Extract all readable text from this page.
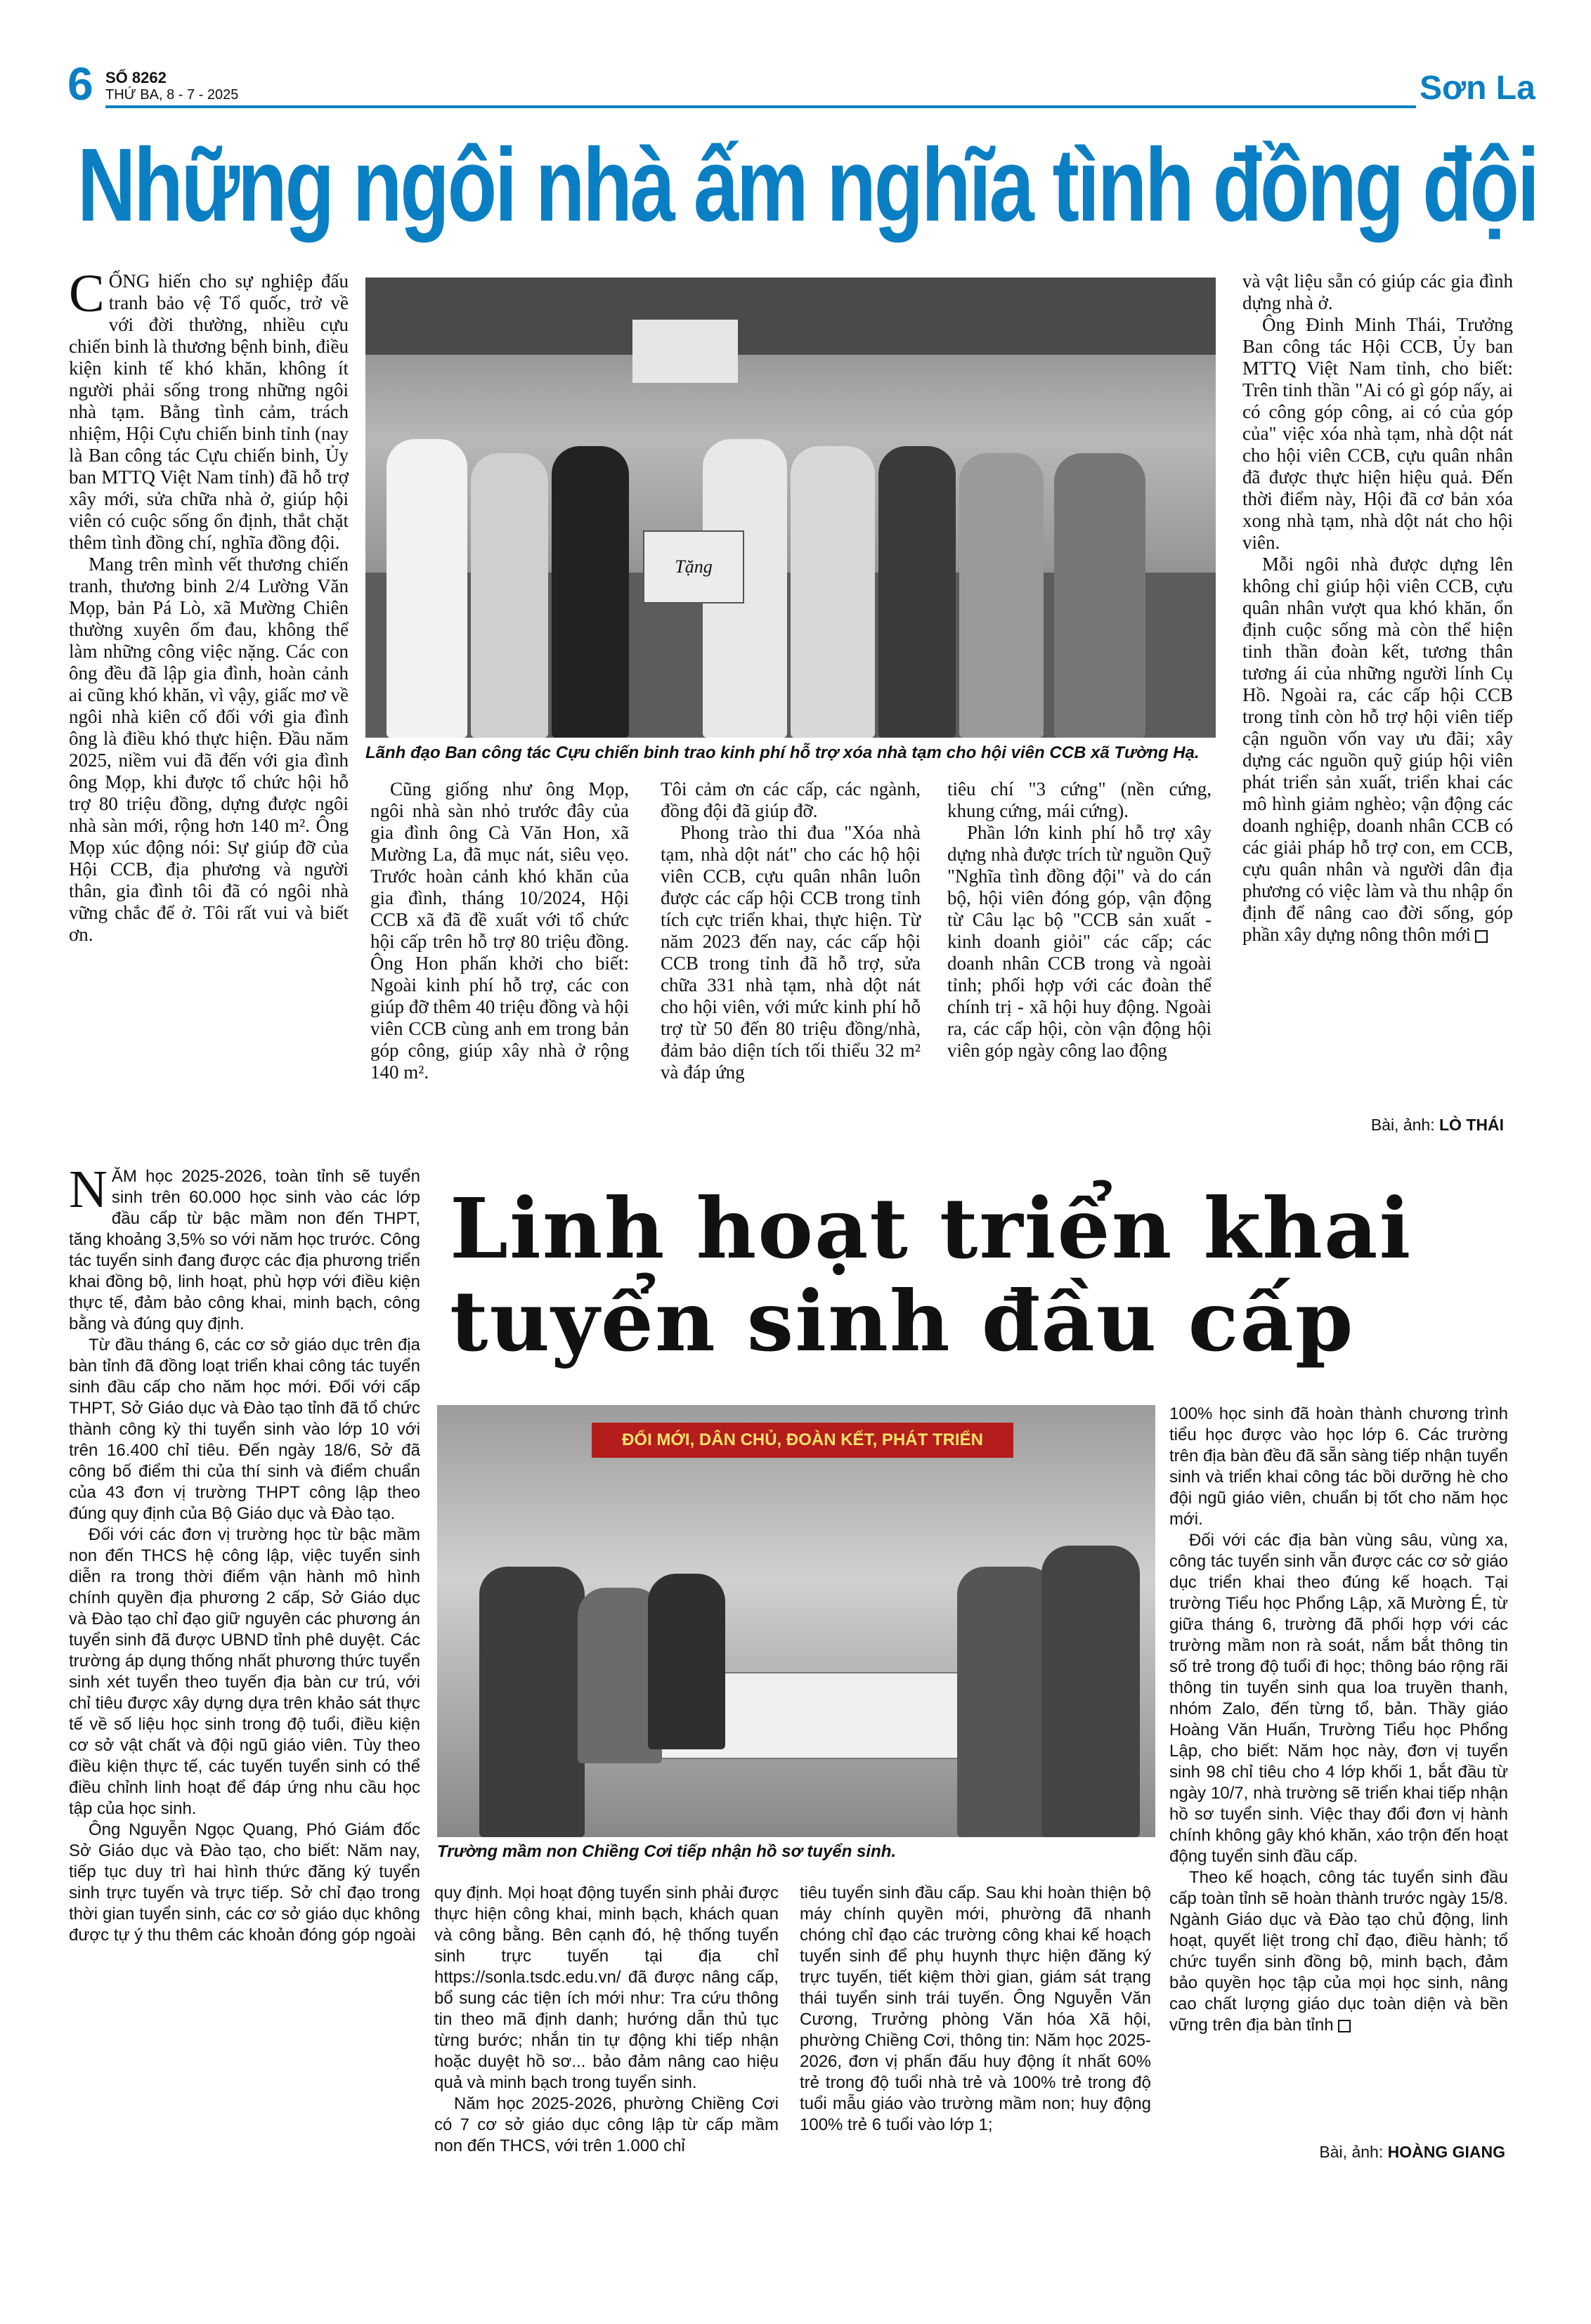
6 SỐ 8262
THỨ BA, 8 - 7 - 2025	Sơn La
Những ngôi nhà ấm nghĩa tình đồng đội

CỐNG hiến cho sự nghiệp đấu tranh bảo vệ Tổ quốc, trở về với đời thường, nhiều cựu chiến binh là thương bệnh binh, điều kiện kinh tế khó khăn, không ít người phải sống trong những ngôi nhà tạm. Bằng tình cảm, trách nhiệm, Hội Cựu chiến binh tỉnh (nay là Ban công tác Cựu chiến binh, Ủy ban MTTQ Việt Nam tỉnh) đã hỗ trợ xây mới, sửa chữa nhà ở, giúp hội viên có cuộc sống ổn định, thắt chặt thêm tình đồng chí, nghĩa đồng đội.

Mang trên mình vết thương chiến tranh, thương binh 2/4 Lường Văn Mọp, bản Pá Lò, xã Mường Chiên thường xuyên ốm đau, không thể làm những công việc nặng. Các con ông đều đã lập gia đình, hoàn cảnh ai cũng khó khăn, vì vậy, giấc mơ về ngôi nhà kiên cố đối với gia đình ông là điều khó thực hiện. Đầu năm 2025, niềm vui đã đến với gia đình ông Mọp, khi được tổ chức hội hỗ trợ 80 triệu đồng, dựng được ngôi nhà sàn mới, rộng hơn 140 m². Ông Mọp xúc động nói: Sự giúp đỡ của Hội CCB, địa phương và người thân, gia đình tôi đã có ngôi nhà vững chắc để ở. Tôi rất vui và biết ơn.

Tặng
Lãnh đạo Ban công tác Cựu chiến binh trao kinh phí hỗ trợ xóa nhà tạm cho hội viên CCB xã Tường Hạ.

Cũng giống như ông Mọp, ngôi nhà sàn nhỏ trước đây của gia đình ông Cà Văn Hon, xã Mường La, đã mục nát, siêu vẹo. Trước hoàn cảnh khó khăn của gia đình, tháng 10/2024, Hội CCB xã đã đề xuất với tổ chức hội cấp trên hỗ trợ 80 triệu đồng. Ông Hon phấn khởi cho biết: Ngoài kinh phí hỗ trợ, các con giúp đỡ thêm 40 triệu đồng và hội viên CCB cùng anh em trong bản góp công, giúp xây nhà ở rộng 140 m².

Tôi cảm ơn các cấp, các ngành, đồng đội đã giúp đỡ.

Phong trào thi đua "Xóa nhà tạm, nhà dột nát" cho các hộ hội viên CCB, cựu quân nhân luôn được các cấp hội CCB trong tỉnh tích cực triển khai, thực hiện. Từ năm 2023 đến nay, các cấp hội CCB trong tỉnh đã hỗ trợ, sửa chữa 331 nhà tạm, nhà dột nát cho hội viên, với mức kinh phí hỗ trợ từ 50 đến 80 triệu đồng/nhà, đảm bảo diện tích tối thiểu 32 m² và đáp ứng

tiêu chí "3 cứng" (nền cứng, khung cứng, mái cứng).

Phần lớn kinh phí hỗ trợ xây dựng nhà được trích từ nguồn Quỹ "Nghĩa tình đồng đội" và do cán bộ, hội viên đóng góp, vận động từ Câu lạc bộ "CCB sản xuất - kinh doanh giỏi" các cấp; các doanh nhân CCB trong và ngoài tỉnh; phối hợp với các đoàn thể chính trị - xã hội huy động. Ngoài ra, các cấp hội, còn vận động hội viên góp ngày công lao động

và vật liệu sẵn có giúp các gia đình dựng nhà ở.

Ông Đinh Minh Thái, Trưởng Ban công tác Hội CCB, Ủy ban MTTQ Việt Nam tỉnh, cho biết: Trên tinh thần "Ai có gì góp nấy, ai có công góp công, ai có của góp của" việc xóa nhà tạm, nhà dột nát cho hội viên CCB, cựu quân nhân đã được thực hiện hiệu quả. Đến thời điểm này, Hội đã cơ bản xóa xong nhà tạm, nhà dột nát cho hội viên.

Mỗi ngôi nhà được dựng lên không chỉ giúp hội viên CCB, cựu quân nhân vượt qua khó khăn, ổn định cuộc sống mà còn thể hiện tinh thần đoàn kết, tương thân tương ái của những người lính Cụ Hồ. Ngoài ra, các cấp hội CCB trong tỉnh còn hỗ trợ hội viên tiếp cận nguồn vốn vay ưu đãi; xây dựng các nguồn quỹ giúp hội viên phát triển sản xuất, triển khai các mô hình giảm nghèo; vận động các doanh nghiệp, doanh nhân CCB có các giải pháp hỗ trợ con, em CCB, cựu quân nhân và người dân địa phương có việc làm và thu nhập ổn định để nâng cao đời sống, góp phần xây dựng nông thôn mới

Bài, ảnh: LÒ THÁI

NĂM học 2025-2026, toàn tỉnh sẽ tuyển sinh trên 60.000 học sinh vào các lớp đầu cấp từ bậc mầm non đến THPT, tăng khoảng 3,5% so với năm học trước. Công tác tuyển sinh đang được các địa phương triển khai đồng bộ, linh hoạt, phù hợp với điều kiện thực tế, đảm bảo công khai, minh bạch, công bằng và đúng quy định.

Từ đầu tháng 6, các cơ sở giáo dục trên địa bàn tỉnh đã đồng loạt triển khai công tác tuyển sinh đầu cấp cho năm học mới. Đối với cấp THPT, Sở Giáo dục và Đào tạo tỉnh đã tổ chức thành công kỳ thi tuyển sinh vào lớp 10 với trên 16.400 chỉ tiêu. Đến ngày 18/6, Sở đã công bố điểm thi của thí sinh và điểm chuẩn của 43 đơn vị trường THPT công lập theo đúng quy định của Bộ Giáo dục và Đào tạo.

Đối với các đơn vị trường học từ bậc mầm non đến THCS hệ công lập, việc tuyển sinh diễn ra trong thời điểm vận hành mô hình chính quyền địa phương 2 cấp, Sở Giáo dục và Đào tạo chỉ đạo giữ nguyên các phương án tuyển sinh đã được UBND tỉnh phê duyệt. Các trường áp dụng thống nhất phương thức tuyển sinh xét tuyển theo tuyến địa bàn cư trú, với chỉ tiêu được xây dựng dựa trên khảo sát thực tế về số liệu học sinh trong độ tuổi, điều kiện cơ sở vật chất và đội ngũ giáo viên. Tùy theo điều kiện thực tế, các tuyến tuyển sinh có thể điều chỉnh linh hoạt để đáp ứng nhu cầu học tập của học sinh.

Ông Nguyễn Ngọc Quang, Phó Giám đốc Sở Giáo dục và Đào tạo, cho biết: Năm nay, tiếp tục duy trì hai hình thức đăng ký tuyển sinh trực tuyến và trực tiếp. Sở chỉ đạo trong thời gian tuyển sinh, các cơ sở giáo dục không được tự ý thu thêm các khoản đóng góp ngoài

Linh hoạt triển khai
tuyển sinh đầu cấp
ĐỔI MỚI, DÂN CHỦ, ĐOÀN KẾT, PHÁT TRIỂN
Trường mầm non Chiềng Cơi tiếp nhận hồ sơ tuyển sinh.

quy định. Mọi hoạt động tuyển sinh phải được thực hiện công khai, minh bạch, khách quan và công bằng. Bên cạnh đó, hệ thống tuyển sinh trực tuyến tại địa chỉ https://sonla.tsdc.edu.vn/ đã được nâng cấp, bổ sung các tiện ích mới như: Tra cứu thông tin theo mã định danh; hướng dẫn thủ tục từng bước; nhắn tin tự động khi tiếp nhận hoặc duyệt hồ sơ... bảo đảm nâng cao hiệu quả và minh bạch trong tuyển sinh.

Năm học 2025-2026, phường Chiềng Cơi có 7 cơ sở giáo dục công lập từ cấp mầm non đến THCS, với trên 1.000 chỉ

tiêu tuyển sinh đầu cấp. Sau khi hoàn thiện bộ máy chính quyền mới, phường đã nhanh chóng chỉ đạo các trường công khai kế hoạch tuyển sinh để phụ huynh thực hiện đăng ký trực tuyến, tiết kiệm thời gian, giám sát trạng thái tuyển sinh trái tuyến. Ông Nguyễn Văn Cương, Trưởng phòng Văn hóa Xã hội, phường Chiềng Cơi, thông tin: Năm học 2025-2026, đơn vị phấn đấu huy động ít nhất 60% trẻ trong độ tuổi nhà trẻ và 100% trẻ trong độ tuổi mẫu giáo vào trường mầm non; huy động 100% trẻ 6 tuổi vào lớp 1;

100% học sinh đã hoàn thành chương trình tiểu học được vào học lớp 6. Các trường trên địa bàn đều đã sẵn sàng tiếp nhận tuyển sinh và triển khai công tác bồi dưỡng hè cho đội ngũ giáo viên, chuẩn bị tốt cho năm học mới.

Đối với các địa bàn vùng sâu, vùng xa, công tác tuyển sinh vẫn được các cơ sở giáo dục triển khai theo đúng kế hoạch. Tại trường Tiểu học Phổng Lập, xã Mường É, từ giữa tháng 6, trường đã phối hợp với các trường mầm non rà soát, nắm bắt thông tin số trẻ trong độ tuổi đi học; thông báo rộng rãi thông tin tuyển sinh qua loa truyền thanh, nhóm Zalo, đến từng tổ, bản. Thầy giáo Hoàng Văn Huấn, Trường Tiểu học Phổng Lập, cho biết: Năm học này, đơn vị tuyển sinh 98 chỉ tiêu cho 4 lớp khối 1, bắt đầu từ ngày 10/7, nhà trường sẽ triển khai tiếp nhận hồ sơ tuyển sinh. Việc thay đổi đơn vị hành chính không gây khó khăn, xáo trộn đến hoạt động tuyển sinh đầu cấp.

Theo kế hoạch, công tác tuyển sinh đầu cấp toàn tỉnh sẽ hoàn thành trước ngày 15/8. Ngành Giáo dục và Đào tạo chủ động, linh hoạt, quyết liệt trong chỉ đạo, điều hành; tổ chức tuyển sinh đồng bộ, minh bạch, đảm bảo quyền học tập của mọi học sinh, nâng cao chất lượng giáo dục toàn diện và bền vững trên địa bàn tỉnh

Bài, ảnh: HOÀNG GIANG
